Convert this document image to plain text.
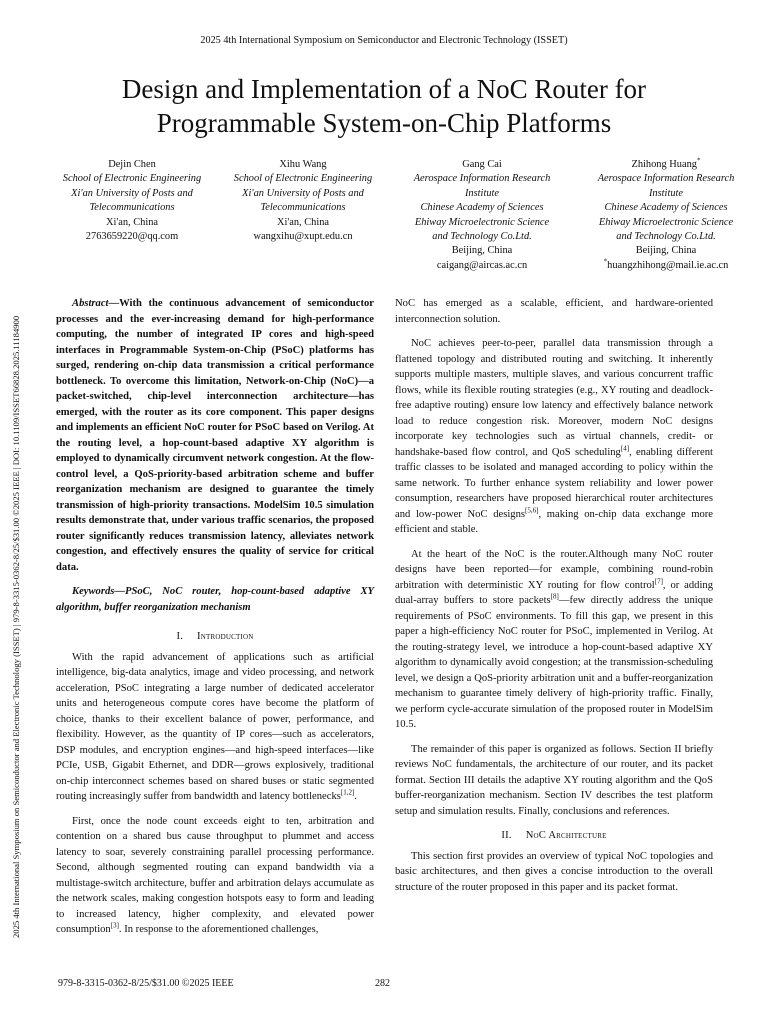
2025 4th International Symposium on Semiconductor and Electronic Technology (ISSET)
Design and Implementation of a NoC Router for
Programmable System-on-Chip Platforms
2025 4th International Symposium on Semiconductor and Electronic Technology (ISSET) | 979-8-3315-0362-8/25/$31.00 ©2025 IEEE | DOI: 10.1109/ISSET66828.2025.11184900
Dejin Chen
School of Electronic Engineering
Xi'an University of Posts and
Telecommunications
Xi'an, China
2763659220@qq.com
Xihu Wang
School of Electronic Engineering
Xi'an University of Posts and
Telecommunications
Xi'an, China
wangxihu@xupt.edu.cn
Gang Cai
Aerospace Information Research
Institute
Chinese Academy of Sciences
Ehiway Microelectronic Science
and Technology Co.Ltd.
Beijing, China
caigang@aircas.ac.cn
Zhihong Huang*
Aerospace Information Research
Institute
Chinese Academy of Sciences
Ehiway Microelectronic Science
and Technology Co.Ltd.
Beijing, China
*huangzhihong@mail.ie.ac.cn

Abstract—With the continuous advancement of semiconductor processes and the ever-increasing demand for high-performance computing, the number of integrated IP cores and high-speed interfaces in Programmable System-on-Chip (PSoC) platforms has surged, rendering on-chip data transmission a critical performance bottleneck. To overcome this limitation, Network-on-Chip (NoC)—a packet-switched, chip-level interconnection architecture—has emerged, with the router as its core component. This paper designs and implements an efficient NoC router for PSoC based on Verilog. At the routing level, a hop-count-based adaptive XY algorithm is employed to dynamically circumvent network congestion. At the flow-control level, a QoS-priority-based arbitration scheme and buffer reorganization mechanism are designed to guarantee the timely transmission of high-priority transactions. ModelSim 10.5 simulation results demonstrate that, under various traffic scenarios, the proposed router significantly reduces transmission latency, alleviates network congestion, and effectively ensures the quality of service for critical data.

Keywords—PSoC, NoC router, hop-count-based adaptive XY algorithm, buffer reorganization mechanism

I. Introduction

With the rapid advancement of applications such as artificial intelligence, big-data analytics, image and video processing, and network acceleration, PSoC integrating a large number of dedicated accelerator units and heterogeneous compute cores have become the platform of choice, thanks to their excellent balance of power, performance, and flexibility. However, as the quantity of IP cores—such as accelerators, DSP modules, and encryption engines—and high-speed interfaces—like PCIe, USB, Gigabit Ethernet, and DDR—grows explosively, traditional on-chip interconnect schemes based on shared buses or static segmented routing increasingly suffer from bandwidth and latency bottlenecks[1,2].

First, once the node count exceeds eight to ten, arbitration and contention on a shared bus cause throughput to plummet and access latency to soar, severely constraining parallel processing performance. Second, although segmented routing can expand bandwidth via a multistage-switch architecture, buffer and arbitration delays accumulate as the network scales, making congestion hotspots easy to form and leading to increased latency, higher complexity, and elevated power consumption[3]. In response to the aforementioned challenges,

NoC has emerged as a scalable, efficient, and hardware-oriented interconnection solution.

NoC achieves peer-to-peer, parallel data transmission through a flattened topology and distributed routing and switching. It inherently supports multiple masters, multiple slaves, and various concurrent traffic flows, while its flexible routing strategies (e.g., XY routing and deadlock-free adaptive routing) ensure low latency and effectively balance network load to reduce congestion risk. Moreover, modern NoC designs incorporate key technologies such as virtual channels, credit- or handshake-based flow control, and QoS scheduling[4], enabling different traffic classes to be isolated and managed according to policy within the same network. To further enhance system reliability and lower power consumption, researchers have proposed hierarchical router architectures and low-power NoC designs[5,6], making on-chip data exchange more efficient and stable.

At the heart of the NoC is the router.Although many NoC router designs have been reported—for example, combining round-robin arbitration with deterministic XY routing for flow control[7], or adding dual-array buffers to store packets[8]—few directly address the unique requirements of PSoC environments. To fill this gap, we present in this paper a high-efficiency NoC router for PSoC, implemented in Verilog. At the routing-strategy level, we introduce a hop-count-based adaptive XY algorithm to dynamically avoid congestion; at the transmission-scheduling level, we design a QoS-priority arbitration unit and a buffer-reorganization mechanism to guarantee timely delivery of high-priority traffic. Finally, we perform cycle-accurate simulation of the proposed router in ModelSim 10.5.

The remainder of this paper is organized as follows. Section II briefly reviews NoC fundamentals, the architecture of our router, and its packet format. Section III details the adaptive XY routing algorithm and the QoS buffer-reorganization mechanism. Section IV describes the test platform setup and simulation results. Finally, conclusions and references.

II. NoC Architecture

This section first provides an overview of typical NoC topologies and basic architectures, and then gives a concise introduction to the overall structure of the router proposed in this paper and its packet format.

979-8-3315-0362-8/25/$31.00 ©2025 IEEE	282
